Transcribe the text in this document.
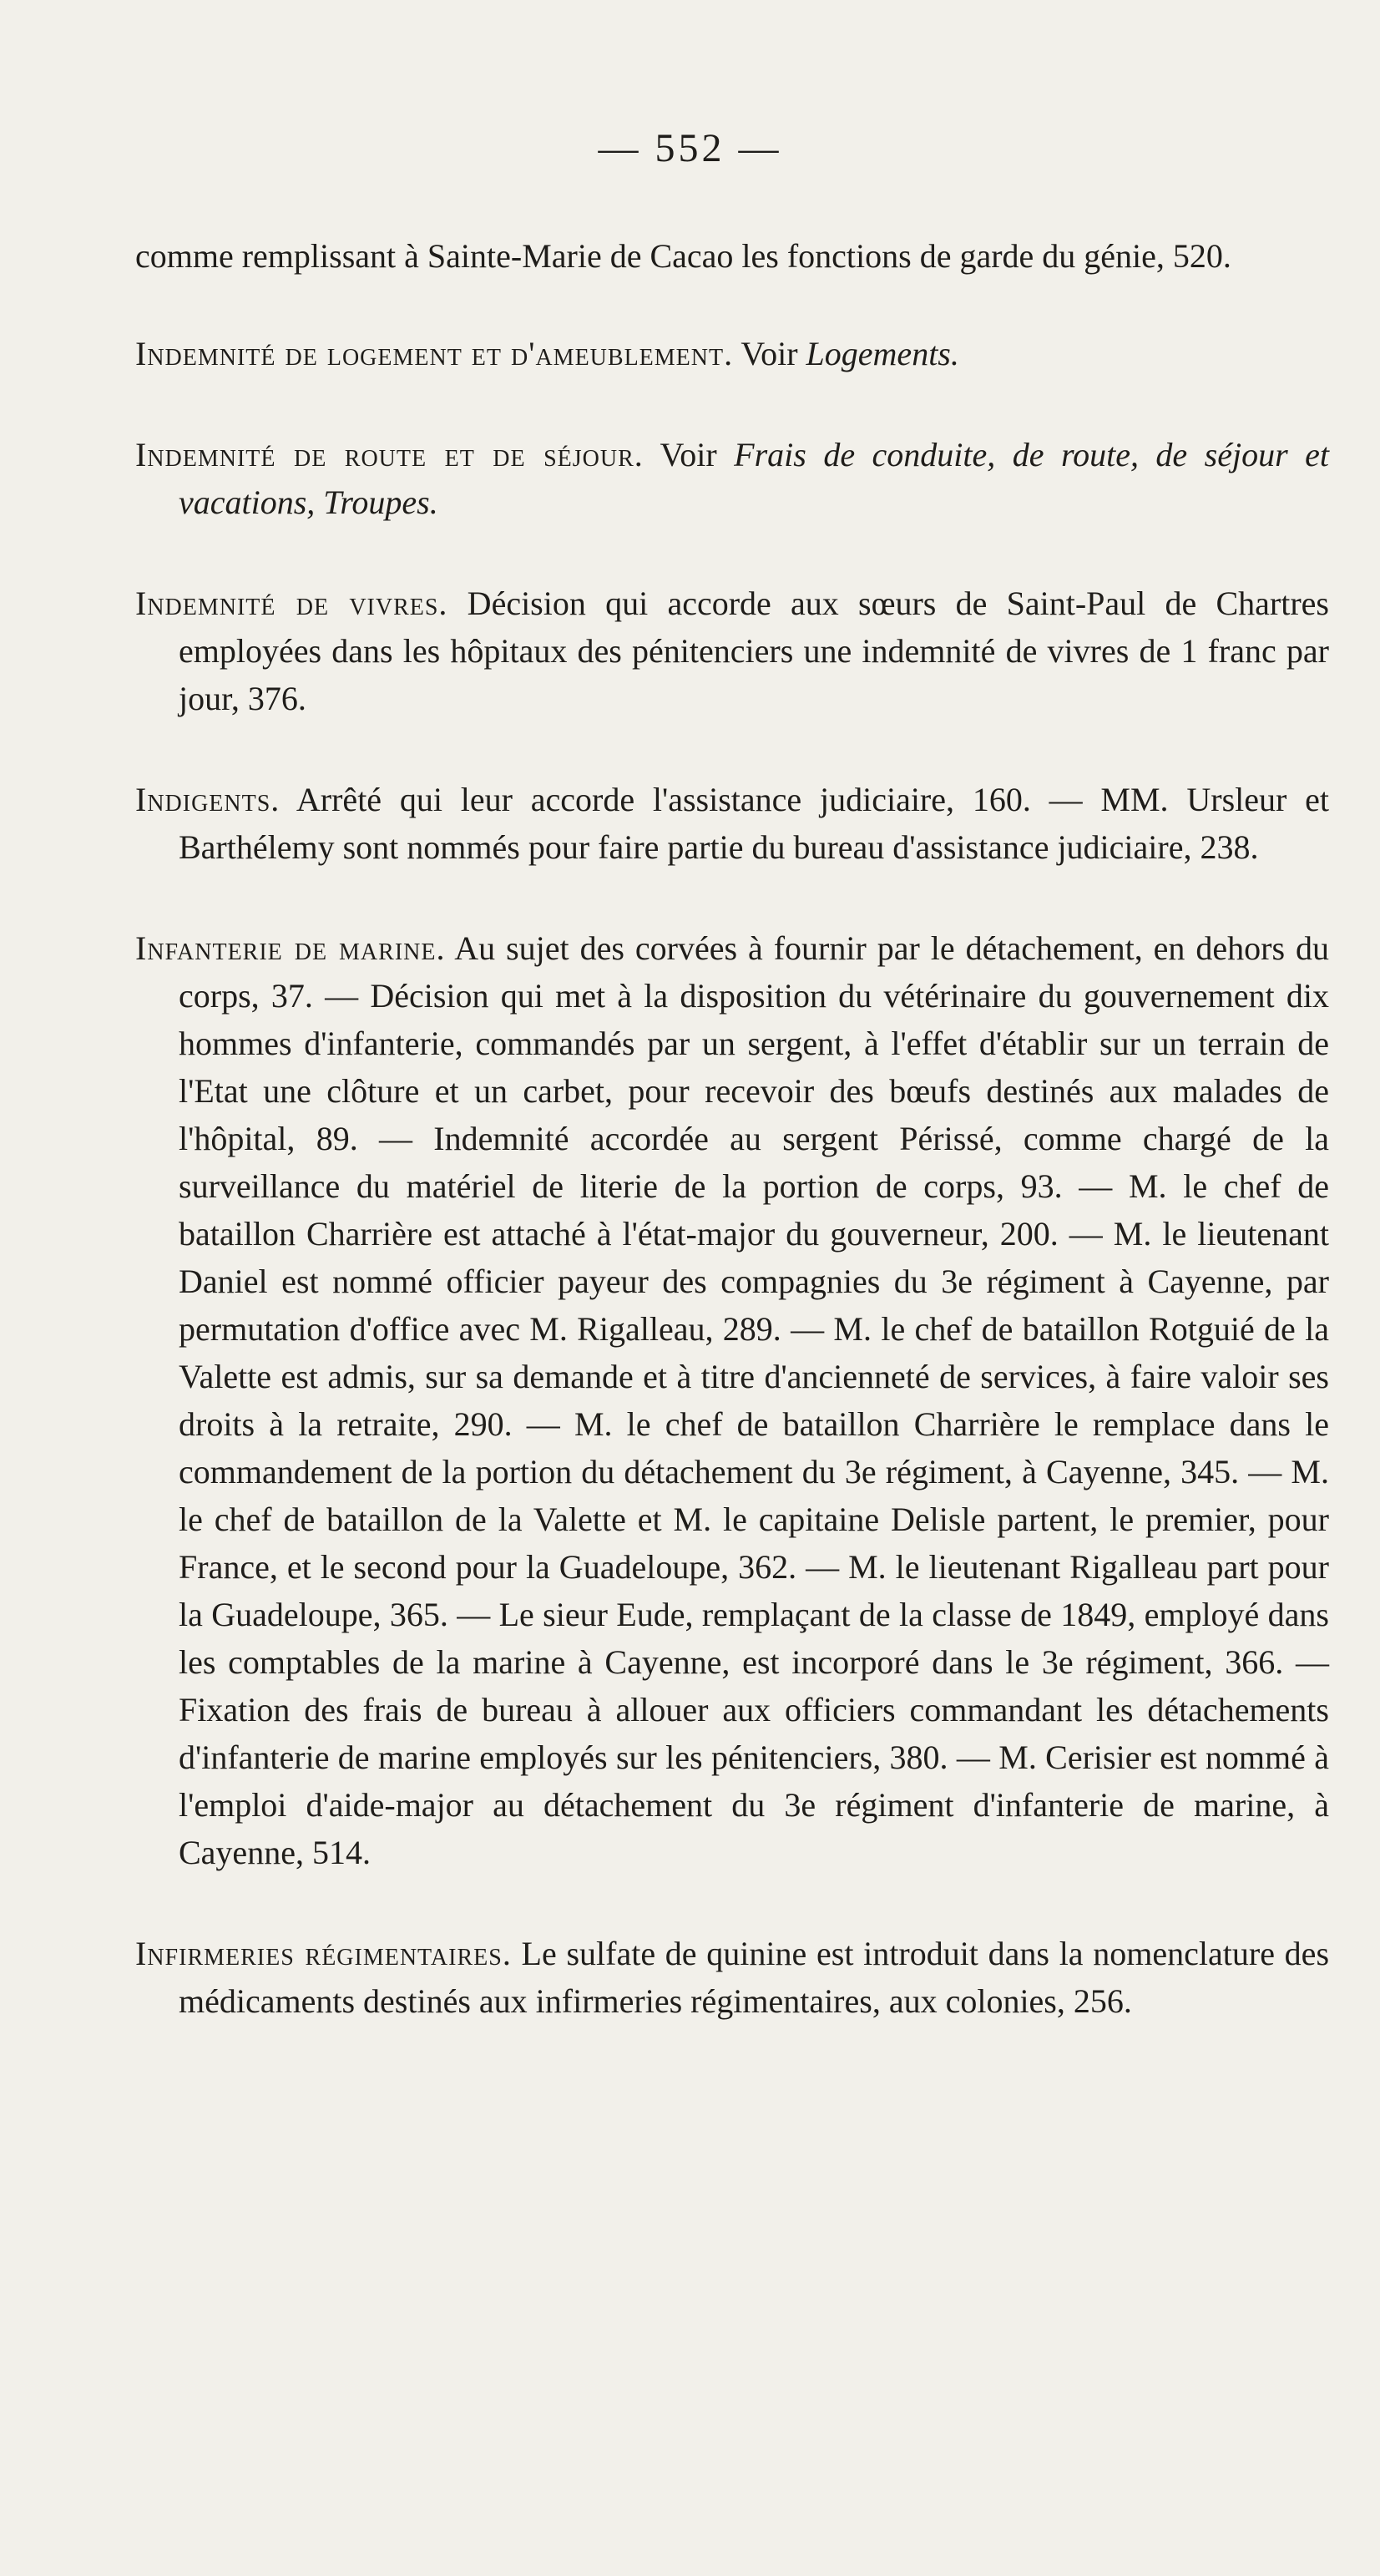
— 552 —

comme remplissant à Sainte-Marie de Cacao les fonctions de garde du génie, 520.

Indemnité de logement et d'ameublement. Voir Logements.

Indemnité de route et de séjour. Voir Frais de conduite, de route, de séjour et vacations, Troupes.

Indemnité de vivres. Décision qui accorde aux sœurs de Saint-Paul de Chartres employées dans les hôpitaux des pénitenciers une indemnité de vivres de 1 franc par jour, 376.

Indigents. Arrêté qui leur accorde l'assistance judiciaire, 160. — MM. Ursleur et Barthélemy sont nommés pour faire partie du bureau d'assistance judiciaire, 238.

Infanterie de marine. Au sujet des corvées à fournir par le détachement, en dehors du corps, 37. — Décision qui met à la disposition du vétérinaire du gouvernement dix hommes d'infanterie, commandés par un sergent, à l'effet d'établir sur un terrain de l'Etat une clôture et un carbet, pour recevoir des bœufs destinés aux malades de l'hôpital, 89. — Indemnité accordée au sergent Périssé, comme chargé de la surveillance du matériel de literie de la portion de corps, 93. — M. le chef de bataillon Charrière est attaché à l'état-major du gouverneur, 200. — M. le lieutenant Daniel est nommé officier payeur des compagnies du 3e régiment à Cayenne, par permutation d'office avec M. Rigalleau, 289. — M. le chef de bataillon Rotguié de la Valette est admis, sur sa demande et à titre d'ancienneté de services, à faire valoir ses droits à la retraite, 290. — M. le chef de bataillon Charrière le remplace dans le commandement de la portion du détachement du 3e régiment, à Cayenne, 345. — M. le chef de bataillon de la Valette et M. le capitaine Delisle partent, le premier, pour France, et le second pour la Guadeloupe, 362. — M. le lieutenant Rigalleau part pour la Guadeloupe, 365. — Le sieur Eude, remplaçant de la classe de 1849, employé dans les comptables de la marine à Cayenne, est incorporé dans le 3e régiment, 366. — Fixation des frais de bureau à allouer aux officiers commandant les détachements d'infanterie de marine employés sur les pénitenciers, 380. — M. Cerisier est nommé à l'emploi d'aide-major au détachement du 3e régiment d'infanterie de marine, à Cayenne, 514.

Infirmeries régimentaires. Le sulfate de quinine est introduit dans la nomenclature des médicaments destinés aux infirmeries régimentaires, aux colonies, 256.
